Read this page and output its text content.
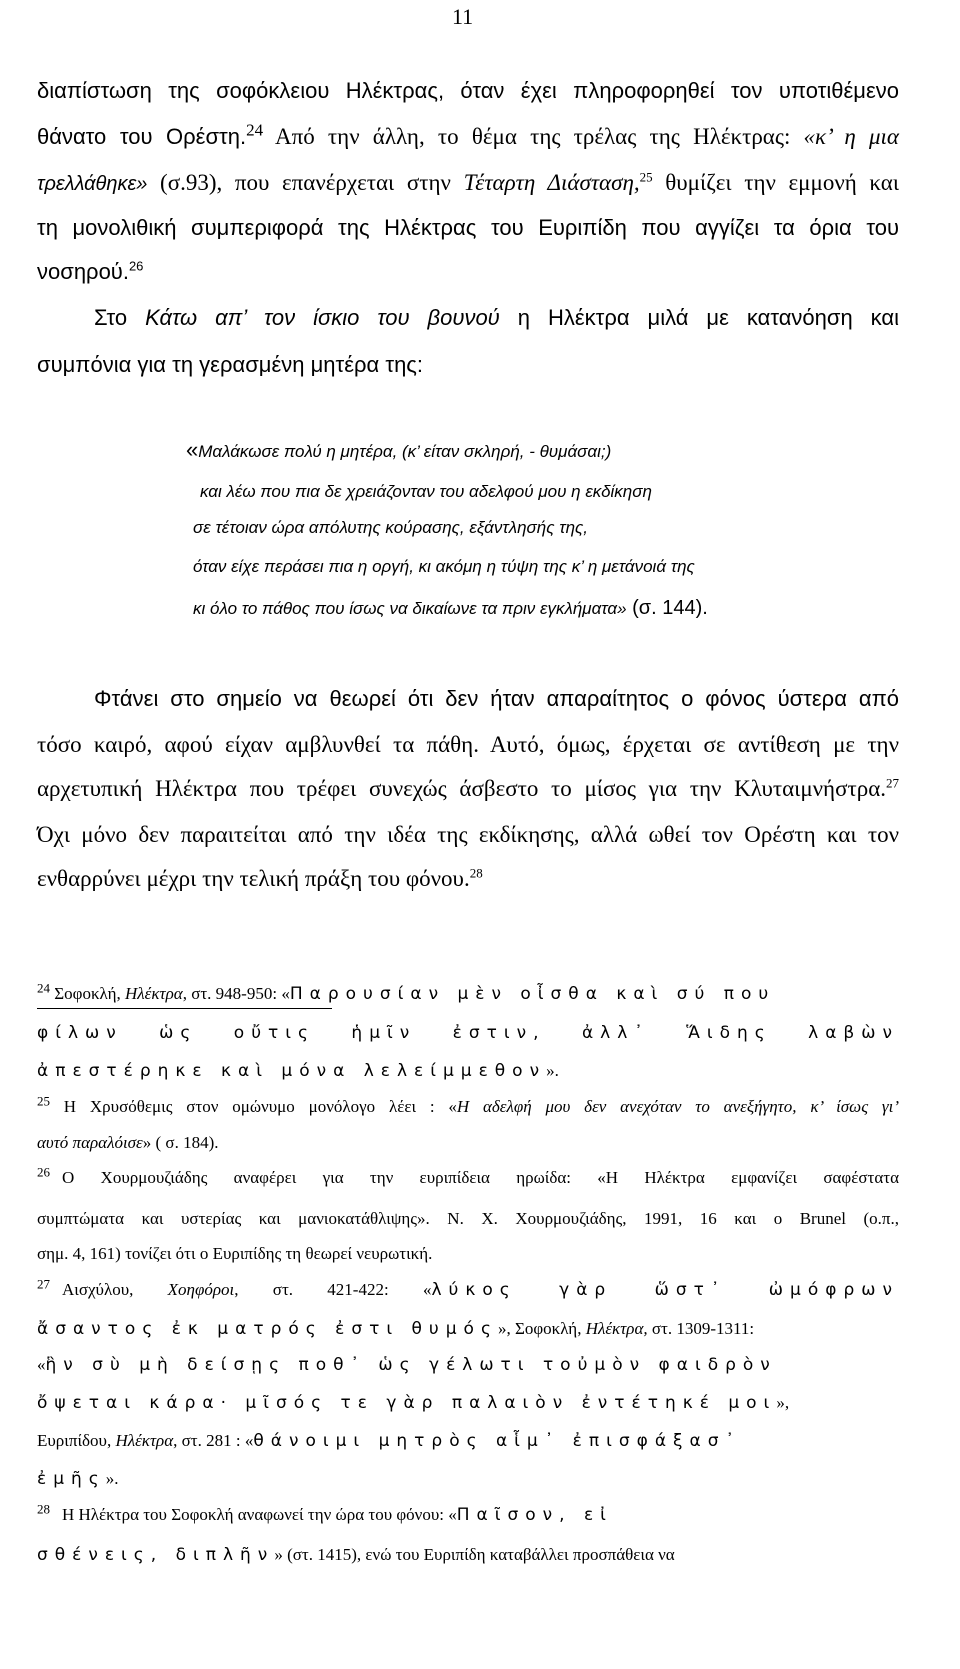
11
διαπίστωση της σοφόκλειου Ηλέκτρας, όταν έχει πληροφορηθεί τον υποτιθέμενο
θάνατο του Ορέστη.$^{24}$ Από την άλλη, το θέμα της τρέλας της Ηλέκτρας: «κ’ η μια
τρελλάθηκε» (σ.93), που επανέρχεται στην Τέταρτη Διάσταση,$^{25}$ θυμίζει την εμμονή και
τη μονολιθική συμπεριφορά της Ηλέκτρας του Ευριπίδη που αγγίζει τα όρια του
νοσηρού.$^{26}$
Στο Κάτω απ’ τον ίσκιο του βουνού η Ηλέκτρα μιλά με κατανόηση και
συμπόνια για τη γερασμένη μητέρα της:
«Μαλάκωσε πολύ η μητέρα, (κ’ είταν σκληρή, - θυμάσαι;)
και λέω που πια δε χρειάζονταν του αδελφού μου η εκδίκηση
σε τέτοιαν ώρα απόλυτης κούρασης, εξάντλησής της,
όταν είχε περάσει πια η οργή, κι ακόμη η τύψη της κ’ η μετάνοιά της
κι όλο το πάθος που ίσως να δικαίωνε τα πριν εγκλήματα» (σ. 144).
Φτάνει στο σημείο να θεωρεί ότι δεν ήταν απαραίτητος ο φόνος ύστερα από
τόσο καιρό, αφού είχαν αμβλυνθεί τα πάθη. Αυτό, όμως, έρχεται σε αντίθεση με την
αρχετυπική Ηλέκτρα που τρέφει συνεχώς άσβεστο το μίσος για την Κλυταιμνήστρα.$^{27}$
Όχι μόνο δεν παραιτείται από την ιδέα της εκδίκησης, αλλά ωθεί τον Ορέστη και τον
ενθαρρύνει μέχρι την τελική πράξη του φόνου.$^{28}$
$^{24}$ Σοφοκλή, Ηλέκτρα, στ. 948-950: «Παρουσίαν μὲν οἶσθα καὶ σύ που
φίλων ὡς οὔτις ἡμῖν ἐστιν, ἀλλ᾽ Ἅιδης λαβὼν
ἀπεστέρηκε καὶ μόνα λελείμμεθον».
$^{25}$ Η Χρυσόθεμις στον ομώνυμο μονόλογο λέει : «Η αδελφή μου δεν ανεχόταν το ανεξήγητο, κ’ ίσως γι’
αυτό παραλόισε» ( σ. 184).
$^{26}$ Ο Χουρμουζιάδης αναφέρει για την ευριπίδεια ηρωίδα: «Η Ηλέκτρα εμφανίζει σαφέστατα
συμπτώματα και υστερίας και μανιοκατάθλιψης». Ν. Χ. Χουρμουζιάδης, 1991, 16 και ο Brunel (ο.π.,
σημ. 4, 161) τονίζει ότι ο Ευριπίδης τη θεωρεί νευρωτική.
$^{27}$ Αισχύλου, Χοηφόροι, στ. 421-422: «λύκος γὰρ ὥστ᾽ ὠμόφρων
ἄσαντος ἐκ ματρός ἐστι θυμός», Σοφοκλή, Ηλέκτρα, στ. 1309-1311:
«ἣν σὺ μὴ δείσῃς ποθ᾽ ὡς γέλωτι τοὐμὸν φαιδρὸν
ὄψεται κάρα· μῖσός τε γὰρ παλαιὸν ἐντέτηκέ μοι»,
Ευριπίδου, Ηλέκτρα, στ. 281 : «θάνοιμι μητρὸς αἷμ᾽ ἐπισφάξασ᾽
ἐμῆς».
$^{28}$ Η Ηλέκτρα του Σοφοκλή αναφωνεί την ώρα του φόνου: «Παῖσον, εἰ
σθένεις, διπλῆν» (στ. 1415), ενώ του Ευριπίδη καταβάλλει προσπάθεια να
